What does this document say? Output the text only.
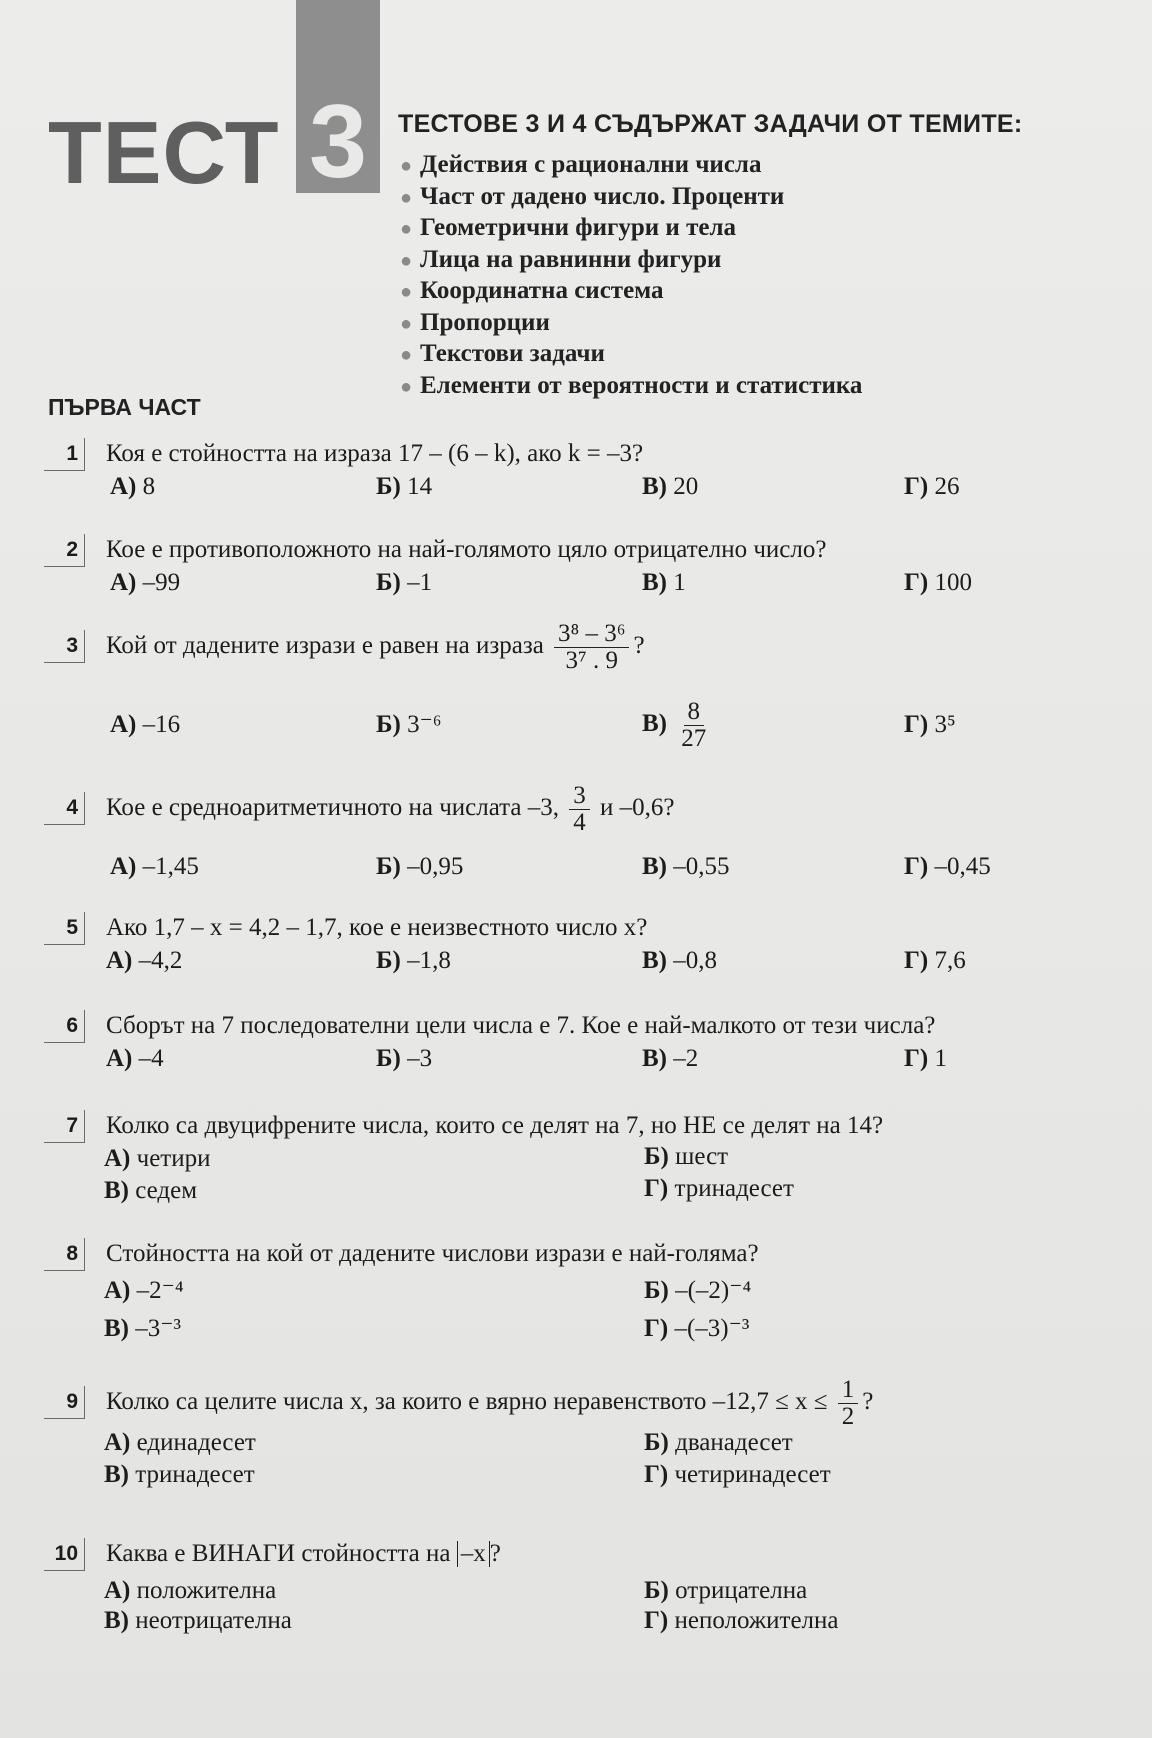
3
ТЕСТ	ТЕСТОВЕ 3 И 4 СЪДЪРЖАТ ЗАДАЧИ ОТ ТЕМИТЕ:
● Действия с рационални числа
● Част от дадено число. Проценти
● Геометрични фигури и тела
● Лица на равнинни фигури
● Координатна система
● Пропорции
● Текстови задачи
● Елементи от вероятности и статистика
ПЪРВА ЧАСТ
1 Коя е стойността на израза 17 – (6 – k), ако k = –3?
А) 8	Б) 14	В) 20	Г) 26
2 Кое е противоположното на най-голямото цяло отрицателно число?
А) –99	Б) –1	В) 1	Г) 100
3 Кой от дадените изрази е равен на израза $\frac{\text{3⁸ – 3⁶}}{\text{3⁷ . 9}}$ ?
А) –16	Б) 3⁻⁶	$В) \frac{8}{27}$	Г) 3⁵
4 Кое е средноаритметичното на числата –3, $\frac{3}{4}$ и –0,6?
А) –1,45	Б) –0,95	В) –0,55	Г) –0,45
5 Ако 1,7 – x = 4,2 – 1,7, кое е неизвестното число x?
А) –4,2	Б) –1,8	В) –0,8	Г) 7,6
6 Сборът на 7 последователни цели числа е 7. Кое е най-малкото от тези числа?
А) –4	Б) –3	В) –2	Г) 1
7 Колко са двуцифрените числа, които се делят на 7, но НЕ се делят на 14?
А) четири	Б) шест
В) седем	Г) тринадесет
8 Стойността на кой от дадените числови изрази е най-голяма?
А) –2⁻⁴	Б) –(–2)⁻⁴
В) –3⁻³	Г) –(–3)⁻³
9 Колко са целите числа x, за които е вярно неравенството $-12,7 \le x \le \frac{1}{2}$ ?
А) единадесет	Б) дванадесет
В) тринадесет	Г) четиринадесет
10 Каква е ВИНАГИ стойността на –x ?
А) положителна	Б) отрицателна
В) неотрицателна	Г) неположителна
